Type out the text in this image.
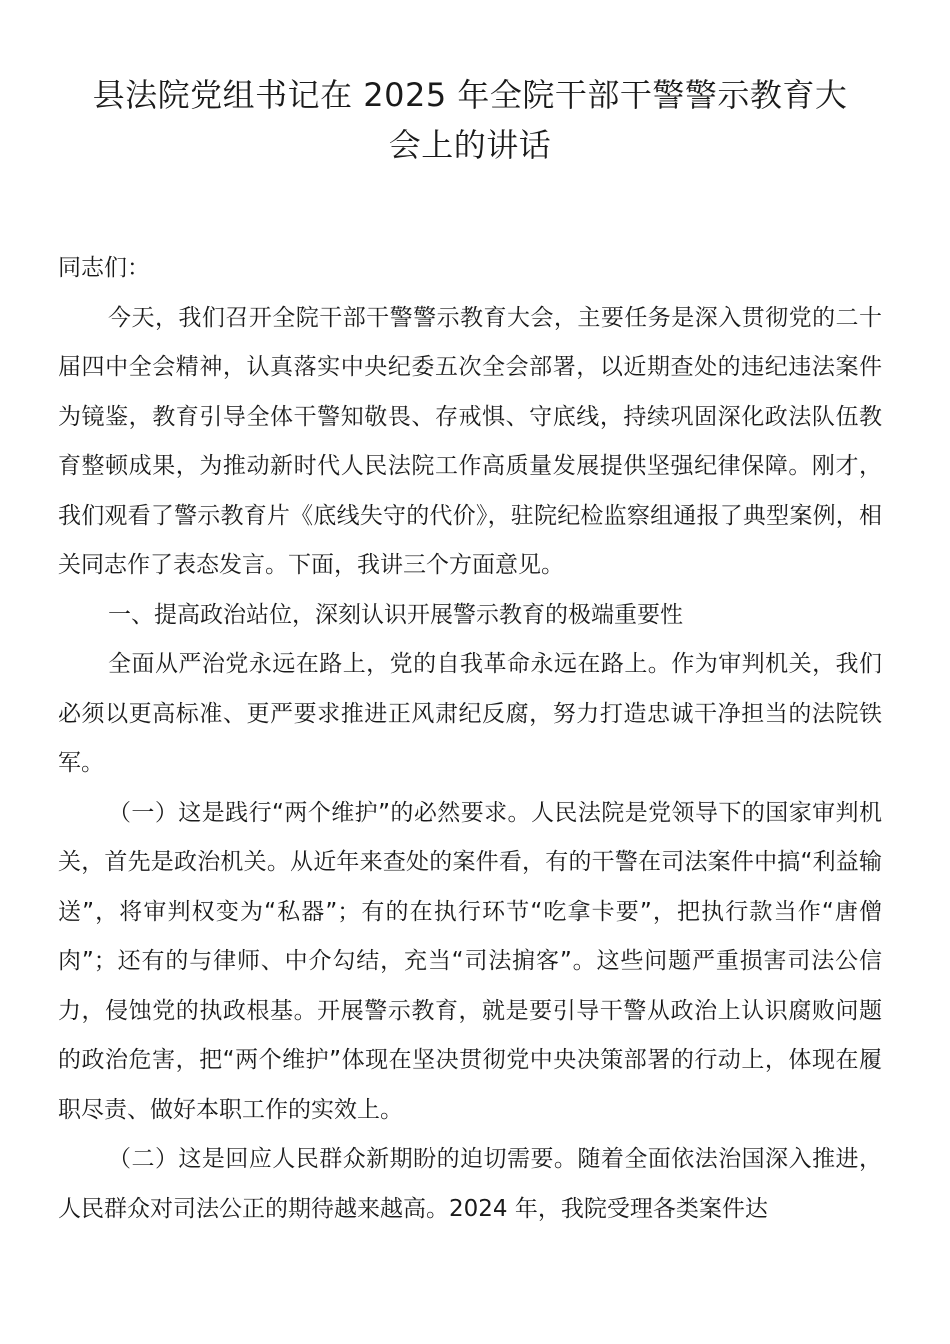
县法院党组书记在 2025 年全院干部干警警示教育大
会上的讲话

同志们：

今天，我们召开全院干部干警警示教育大会，主要任务是深入贯彻党的二十届四中全会精神，认真落实中央纪委五次全会部署，以近期查处的违纪违法案件为镜鉴，教育引导全体干警知敬畏、存戒惧、守底线，持续巩固深化政法队伍教育整顿成果，为推动新时代人民法院工作高质量发展提供坚强纪律保障。刚才，我们观看了警示教育片《底线失守的代价》，驻院纪检监察组通报了典型案例，相关同志作了表态发言。下面，我讲三个方面意见。

一、提高政治站位，深刻认识开展警示教育的极端重要性

全面从严治党永远在路上，党的自我革命永远在路上。作为审判机关，我们必须以更高标准、更严要求推进正风肃纪反腐，努力打造忠诚干净担当的法院铁军。

（一）这是践行“两个维护”的必然要求。人民法院是党领导下的国家审判机关，首先是政治机关。从近年来查处的案件看，有的干警在司法案件中搞“利益输送”，将审判权变为“私器”；有的在执行环节“吃拿卡要”，把执行款当作“唐僧肉”；还有的与律师、中介勾结，充当“司法掮客”。这些问题严重损害司法公信力，侵蚀党的执政根基。开展警示教育，就是要引导干警从政治上认识腐败问题的政治危害，把“两个维护”体现在坚决贯彻党中央决策部署的行动上，体现在履职尽责、做好本职工作的实效上。

（二）这是回应人民群众新期盼的迫切需要。随着全面依法治国深入推进，人民群众对司法公正的期待越来越高。2024 年，我院受理各类案件达
